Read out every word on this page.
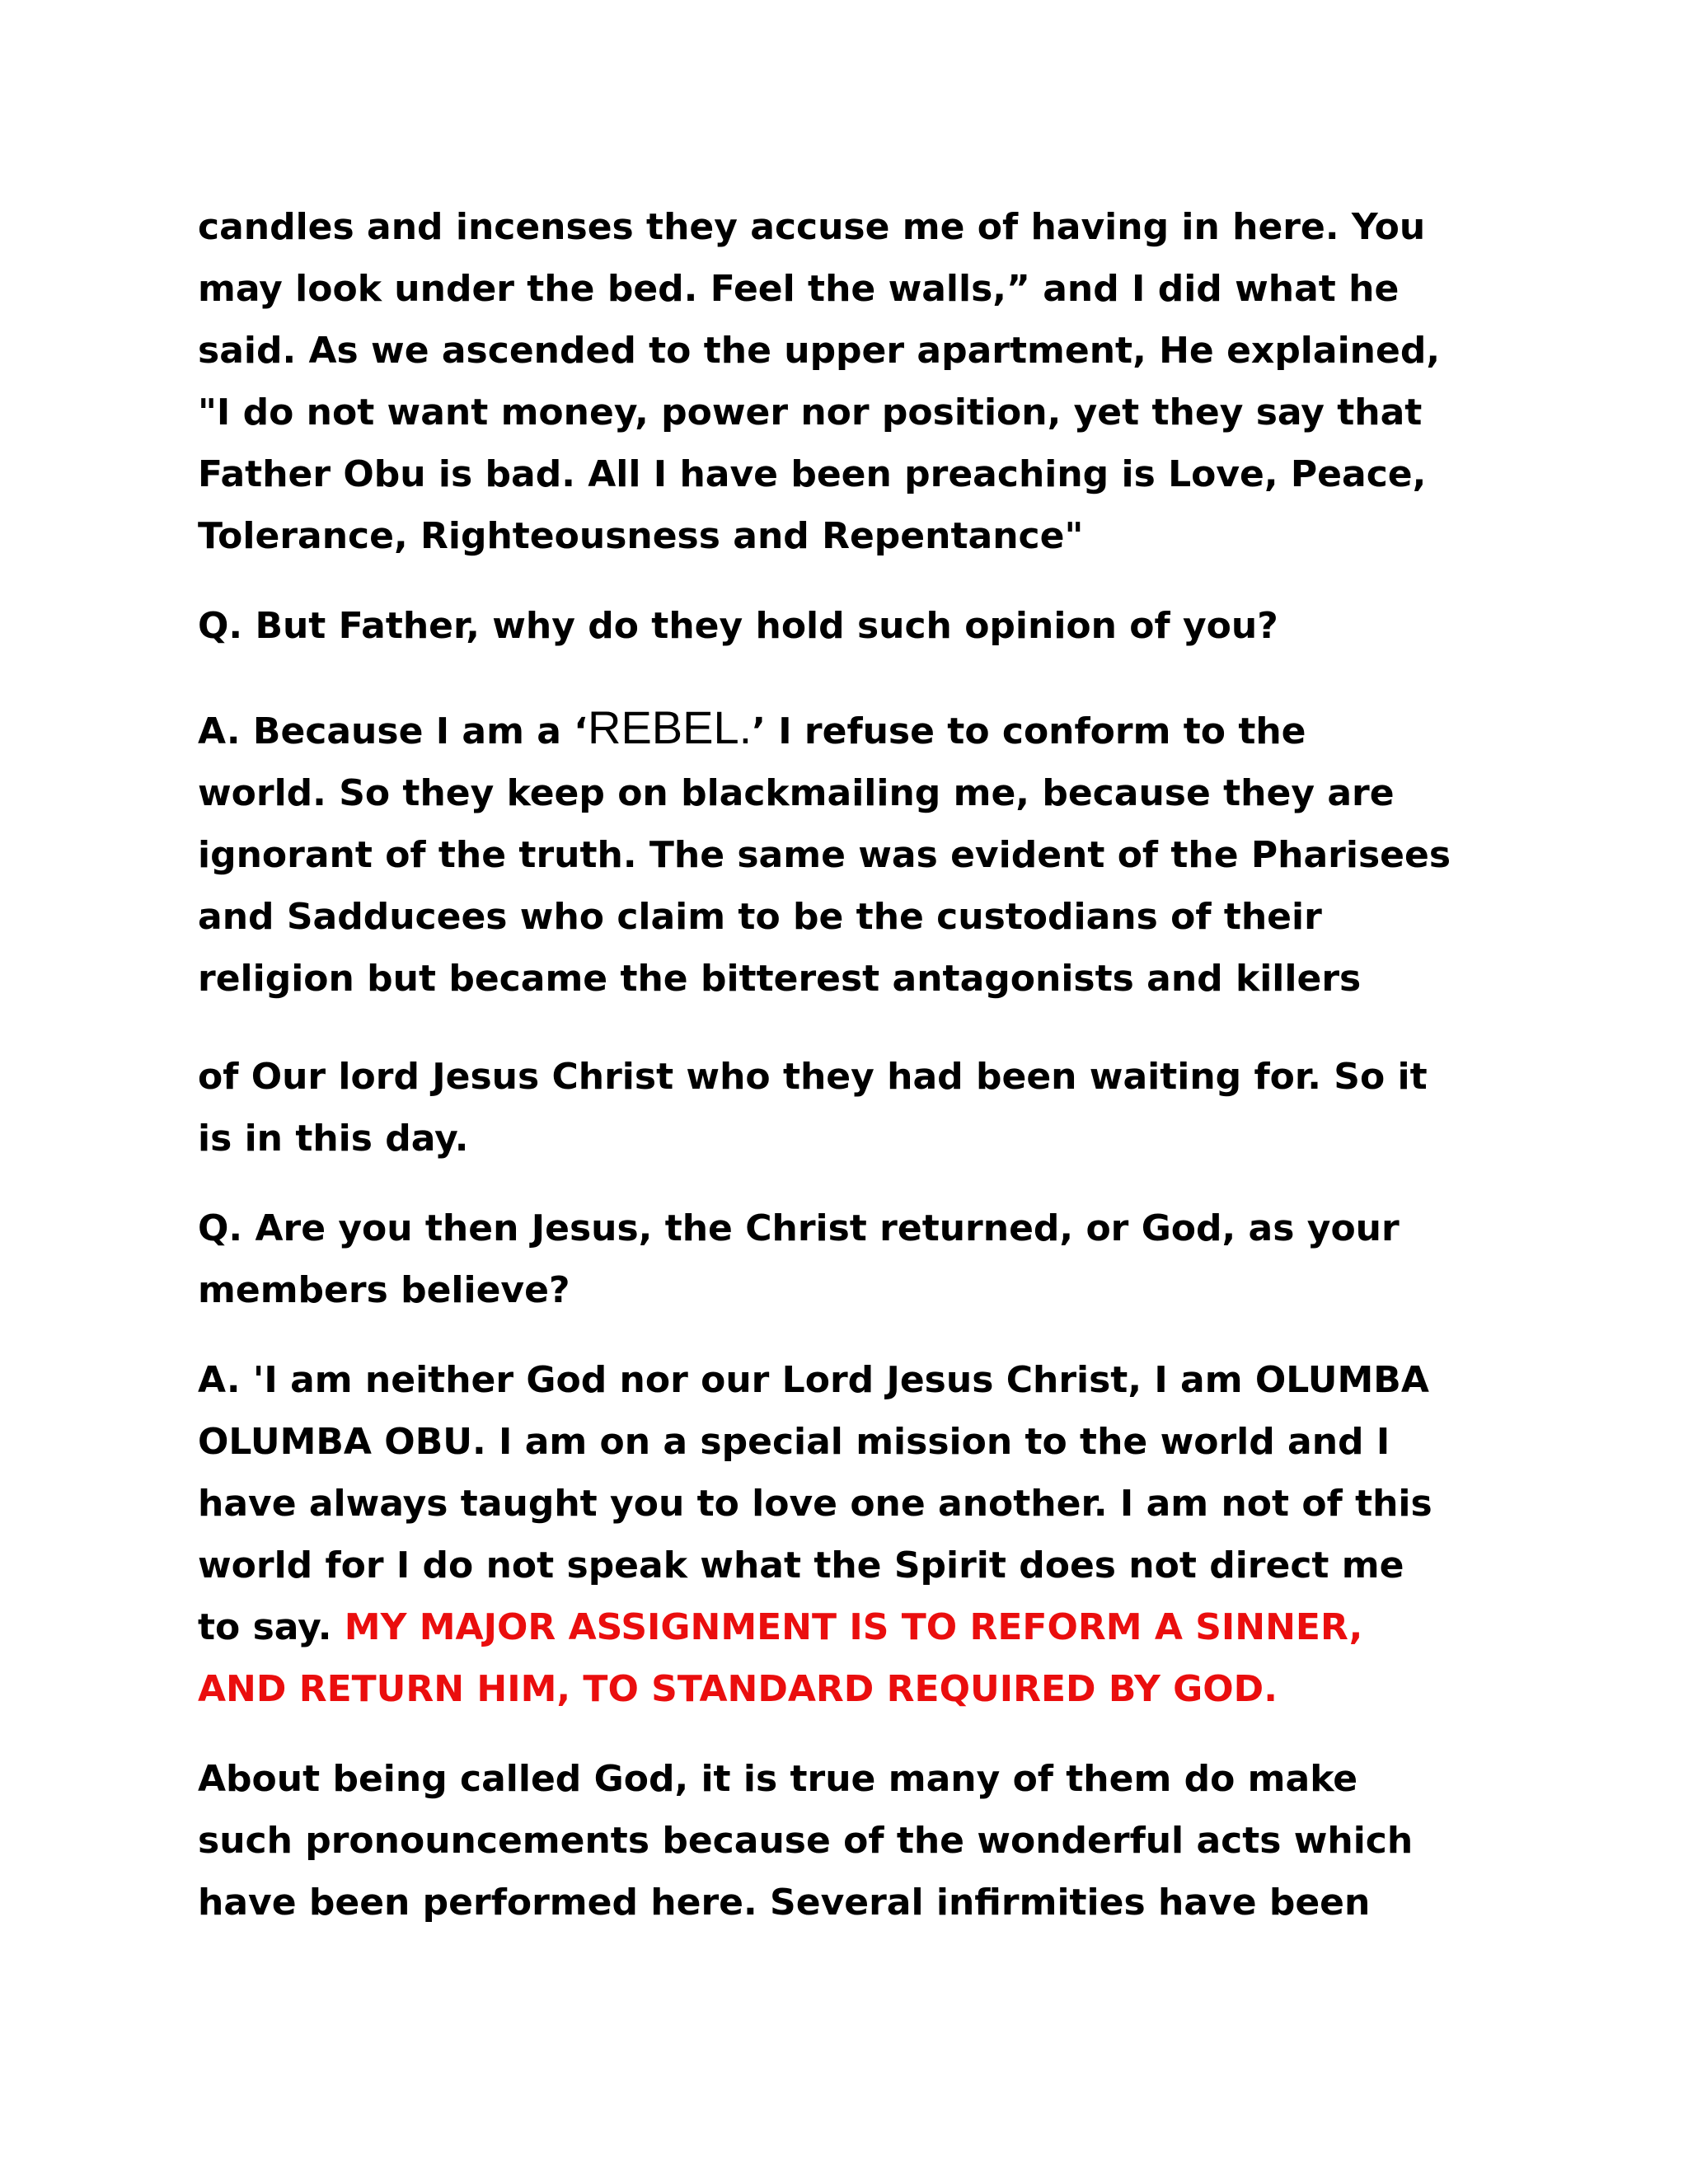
candles and incenses they accuse me of having in here. You
may look under the bed. Feel the walls,” and I did what he
said. As we ascended to the upper apartment, He explained,
"I do not want money, power nor position, yet they say that
Father Obu is bad. All I have been preaching is Love, Peace,
Tolerance, Righteousness and Repentance"
Q. But Father, why do they hold such opinion of you?
A. Because I am a ‘REBEL.’ I refuse to conform to the
world. So they keep on blackmailing me, because they are
ignorant of the truth. The same was evident of the Pharisees
and Sadducees who claim to be the custodians of their
religion but became the bitterest antagonists and killers
of Our lord Jesus Christ who they had been waiting for. So it
is in this day.
Q. Are you then Jesus, the Christ returned, or God, as your
members believe?
A. 'I am neither God nor our Lord Jesus Christ, I am OLUMBA
OLUMBA OBU. I am on a special mission to the world and I
have always taught you to love one another. I am not of this
world for I do not speak what the Spirit does not direct me
to say. MY MAJOR ASSIGNMENT IS TO REFORM A SINNER,
AND RETURN HIM, TO STANDARD REQUIRED BY GOD.
About being called God, it is true many of them do make
such pronouncements because of the wonderful acts which
have been performed here. Several infirmities have been
